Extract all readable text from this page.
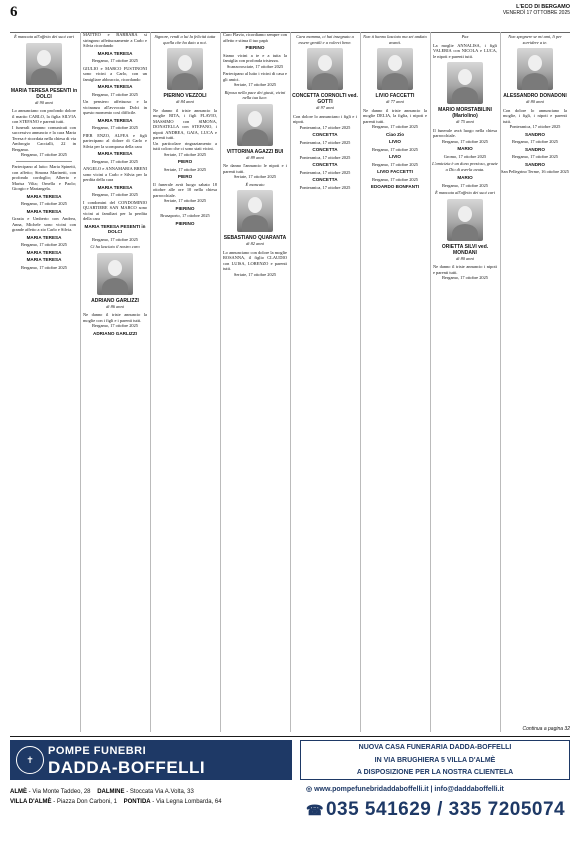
6	L'ECO DI BERGAMO
VENERDÌ 17 OTTOBRE 2025
È mancata all'affetto dei suoi cari
MARIA TERESA PESENTI in DOLCI
di 90 anni
Lo annunciano con profondo dolore il marito CARLO, la figlia SILVIA con STEFANO e parenti tutti.
I funerali saranno comunicati con successivo annuncio e la cara Maria Teresa è ricordata nella chiesa di via Ambrogio Caccialli, 22 in Bergamo.
Bergamo, 17 ottobre 2025
Partecipano al lutto: Maria Spinetti, con affetto; Simona Marinetti, con profondo cordoglio; Alberto e Marisa Vilta; Ornella e Paolo; Giorgio e Mariangela.
MARIA TERESA
Bergamo, 17 ottobre 2025
MARIA TERESA
Grazia e Umberto con Andrea, Anna, Michele sono vicini con grande affetto a zio Carlo e Silvia.
MARIA TERESA
Bergamo, 17 ottobre 2025
MARIA TERESA
MARIA TERESA
Bergamo, 17 ottobre 2025
MATTEO e BARBARA si stringono affettuosamente a Carlo e Silvia ricordando
MARIA TERESA
Bergamo, 17 ottobre 2025
GIULIO e MARCO FUSTINONI sono vicini a Carlo, con un famigliare abbraccio, ricordando
MARIA TERESA
Bergamo, 17 ottobre 2025
Un pensiero affettuoso e la vicinanza all'avvocato Dolci in questo momento così difficile.
MARIA TERESA
Bergamo, 17 ottobre 2025
PIER ENZO, ALFEA e figli partecipano al dolore di Carlo e Silvia per la scomparsa della cara
MARIA TERESA
Bergamo, 17 ottobre 2025
ANGELO e ANNAMARIA BRENI sono vicini a Carlo e Silvia per la perdita della cara
MARIA TERESA
Bergamo, 17 ottobre 2025
I condomini del CONDOMINIO QUARTIERE SAN MARCO sono vicini ai familiari per la perdita della cara
MARIA TERESA PESENTI in DOLCI
Bergamo, 17 ottobre 2025
Ci ha lasciato il nostro caro
ADRIANO GARLIZZI
di 86 anni
Ne danno il triste annuncio la moglie con i figli e i parenti tutti.
Bergamo, 17 ottobre 2025
ADRIANO GARLIZZI
Signore, rendi a lui la felicità tutta quella che ha dato a noi.
PIERINO VEZZOLI
di 84 anni
Ne danno il triste annuncio la moglie RITA, i figli FLAVIO, MASSIMO con SIMONA, DONATELLA con STEFANO, i nipoti ANDREA, GAIA, LUCA e parenti tutti.
Un particolare ringraziamento a tutti coloro che ci sono stati vicini.
Seriate, 17 ottobre 2025
PIERO
Seriate, 17 ottobre 2025
PIERO
Il funerale avrà luogo sabato 18 ottobre alle ore 10 nella chiesa parrocchiale.
Seriate, 17 ottobre 2025
PIERINO
Brusaporto, 17 ottobre 2025
PIERINO
Caro Flavio, ricordiamo sempre con affetto e stima il tuo papà
PIERINO
Siamo vicini a te e a tutta la famiglia con profonda tristezza.
Scanzorosciate, 17 ottobre 2025
Partecipano al lutto i vicini di casa e gli amici.
Seriate, 17 ottobre 2025
Riposa nella pace dei giusti, vicini nella tua luce.
VITTORINA AGAZZI BUI
di 89 anni
Ne danno l'annuncio le nipoti e i parenti tutti.
Seriate, 17 ottobre 2025
È mancato
SEBASTIANO QUARANTA
di 82 anni
Lo annunciano con dolore la moglie ROSANNA, il figlio CLAUDIO con LUISA, LORENZO e parenti tutti.
Seriate, 17 ottobre 2025
Cara mamma, ci hai insegnato a essere gentili e a volerci bene.
CONCETTA CORNOLTI ved. GOTTI
di 97 anni
Con dolore lo annunciano i figli e i nipoti.
Ponteranica, 17 ottobre 2025
CONCETTA
Ponteranica, 17 ottobre 2025
CONCETTA
Ponteranica, 17 ottobre 2025
CONCETTA
Ponteranica, 17 ottobre 2025
CONCETTA
Ponteranica, 17 ottobre 2025
Non ti hanno lasciato ma sei andato avanti.
LIVIO FACCETTI
di 77 anni
Ne danno il triste annuncio la moglie DELIA, la figlia, i nipoti e parenti tutti.
Bergamo, 17 ottobre 2025
Ciao Zio
LIVIO
Bergamo, 17 ottobre 2025
LIVIO
Bergamo, 17 ottobre 2025
LIVIO FACCETTI
Bergamo, 17 ottobre 2025
EDOARDO BONFANTI
Pax
La moglie ANNALISA, i figli VALERIA con NICOLA e LUCA, le nipoti e parenti tutti.
MARIO MORSTABILINI (Mariolino)
di 75 anni
Il funerale avrà luogo nella chiesa parrocchiale.
Bergamo, 17 ottobre 2025
MARIO
Gromo, 17 ottobre 2025
L'amicizia è un dono prezioso, grazie a Dio di averla avuta.
MARIO
Bergamo, 17 ottobre 2025
È mancata all'affetto dei suoi cari
ORIETTA SILVI ved. MONDANI
di 80 anni
Ne danno il triste annuncio i nipoti e parenti tutti.
Bergamo, 17 ottobre 2025
Non spegnere se mi ami, lì per sorridere a te.
ALESSANDRO DONADONI
di 80 anni
Con dolore lo annunciano la moglie, i figli, i nipoti e parenti tutti.
Ponteranica, 17 ottobre 2025
SANDRO
Bergamo, 17 ottobre 2025
SANDRO
Bergamo, 17 ottobre 2025
SANDRO
San Pellegrino Terme, 16 ottobre 2025
Continua a pagina 32
✝
POMPE FUNEBRI
DADDA-BOFFELLI
NUOVA CASA FUNERARIA DADDA-BOFFELLI
IN VIA BRUGHIERA 5 VILLA D'ALMÈ
A DISPOSIZIONE PER LA NOSTRA CLIENTELA
ALMÈ - Via Monte Taddeo, 28 DALMINE - Stoccata Via A.Volta, 33
VILLA D'ALMÈ - Piazza Don Carboni, 1 PONTIDA - Via Legna Lombarda, 64
◎ www.pompefunebridaddaboffelli.it | info@daddaboffelli.it
☎ 035 541629 / 335 7205074
